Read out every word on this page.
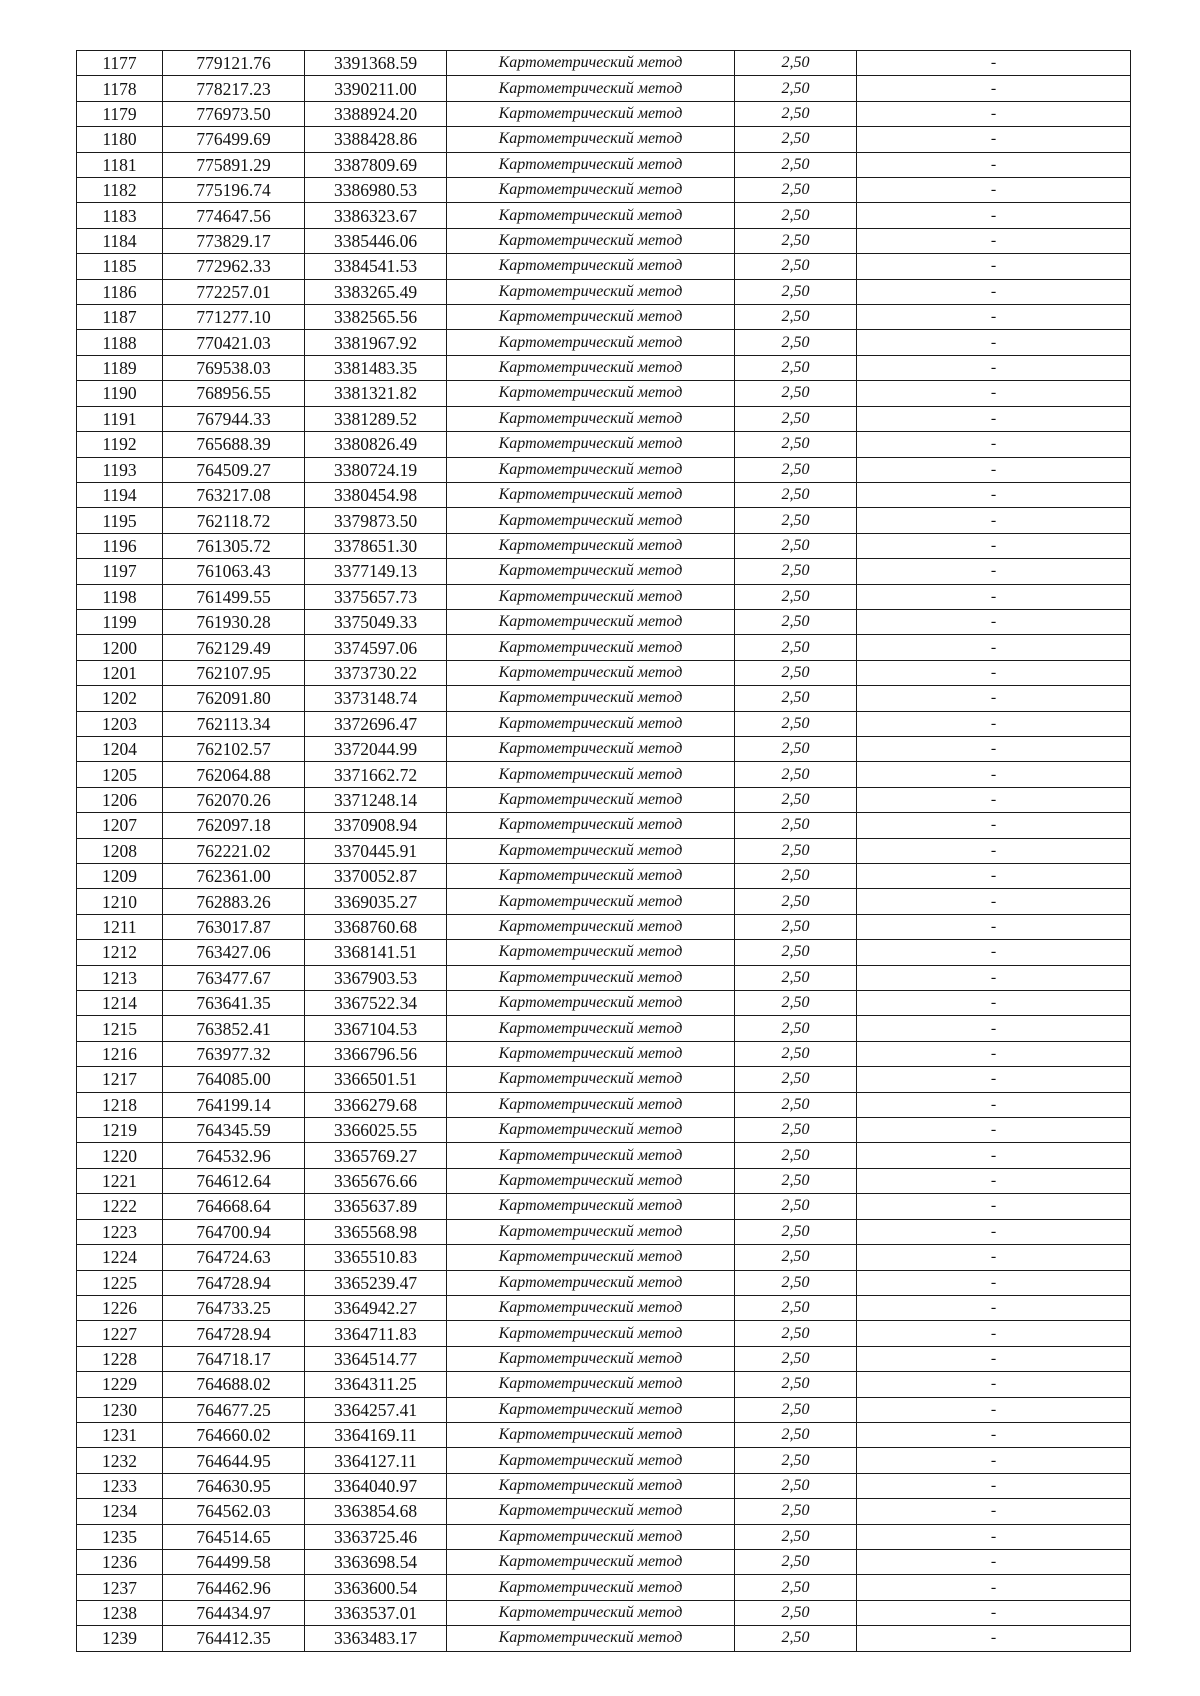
1177	779121.76	3391368.59	Картометрический метод	2,50	-
1178	778217.23	3390211.00	Картометрический метод	2,50	-
1179	776973.50	3388924.20	Картометрический метод	2,50	-
1180	776499.69	3388428.86	Картометрический метод	2,50	-
1181	775891.29	3387809.69	Картометрический метод	2,50	-
1182	775196.74	3386980.53	Картометрический метод	2,50	-
1183	774647.56	3386323.67	Картометрический метод	2,50	-
1184	773829.17	3385446.06	Картометрический метод	2,50	-
1185	772962.33	3384541.53	Картометрический метод	2,50	-
1186	772257.01	3383265.49	Картометрический метод	2,50	-
1187	771277.10	3382565.56	Картометрический метод	2,50	-
1188	770421.03	3381967.92	Картометрический метод	2,50	-
1189	769538.03	3381483.35	Картометрический метод	2,50	-
1190	768956.55	3381321.82	Картометрический метод	2,50	-
1191	767944.33	3381289.52	Картометрический метод	2,50	-
1192	765688.39	3380826.49	Картометрический метод	2,50	-
1193	764509.27	3380724.19	Картометрический метод	2,50	-
1194	763217.08	3380454.98	Картометрический метод	2,50	-
1195	762118.72	3379873.50	Картометрический метод	2,50	-
1196	761305.72	3378651.30	Картометрический метод	2,50	-
1197	761063.43	3377149.13	Картометрический метод	2,50	-
1198	761499.55	3375657.73	Картометрический метод	2,50	-
1199	761930.28	3375049.33	Картометрический метод	2,50	-
1200	762129.49	3374597.06	Картометрический метод	2,50	-
1201	762107.95	3373730.22	Картометрический метод	2,50	-
1202	762091.80	3373148.74	Картометрический метод	2,50	-
1203	762113.34	3372696.47	Картометрический метод	2,50	-
1204	762102.57	3372044.99	Картометрический метод	2,50	-
1205	762064.88	3371662.72	Картометрический метод	2,50	-
1206	762070.26	3371248.14	Картометрический метод	2,50	-
1207	762097.18	3370908.94	Картометрический метод	2,50	-
1208	762221.02	3370445.91	Картометрический метод	2,50	-
1209	762361.00	3370052.87	Картометрический метод	2,50	-
1210	762883.26	3369035.27	Картометрический метод	2,50	-
1211	763017.87	3368760.68	Картометрический метод	2,50	-
1212	763427.06	3368141.51	Картометрический метод	2,50	-
1213	763477.67	3367903.53	Картометрический метод	2,50	-
1214	763641.35	3367522.34	Картометрический метод	2,50	-
1215	763852.41	3367104.53	Картометрический метод	2,50	-
1216	763977.32	3366796.56	Картометрический метод	2,50	-
1217	764085.00	3366501.51	Картометрический метод	2,50	-
1218	764199.14	3366279.68	Картометрический метод	2,50	-
1219	764345.59	3366025.55	Картометрический метод	2,50	-
1220	764532.96	3365769.27	Картометрический метод	2,50	-
1221	764612.64	3365676.66	Картометрический метод	2,50	-
1222	764668.64	3365637.89	Картометрический метод	2,50	-
1223	764700.94	3365568.98	Картометрический метод	2,50	-
1224	764724.63	3365510.83	Картометрический метод	2,50	-
1225	764728.94	3365239.47	Картометрический метод	2,50	-
1226	764733.25	3364942.27	Картометрический метод	2,50	-
1227	764728.94	3364711.83	Картометрический метод	2,50	-
1228	764718.17	3364514.77	Картометрический метод	2,50	-
1229	764688.02	3364311.25	Картометрический метод	2,50	-
1230	764677.25	3364257.41	Картометрический метод	2,50	-
1231	764660.02	3364169.11	Картометрический метод	2,50	-
1232	764644.95	3364127.11	Картометрический метод	2,50	-
1233	764630.95	3364040.97	Картометрический метод	2,50	-
1234	764562.03	3363854.68	Картометрический метод	2,50	-
1235	764514.65	3363725.46	Картометрический метод	2,50	-
1236	764499.58	3363698.54	Картометрический метод	2,50	-
1237	764462.96	3363600.54	Картометрический метод	2,50	-
1238	764434.97	3363537.01	Картометрический метод	2,50	-
1239	764412.35	3363483.17	Картометрический метод	2,50	-
